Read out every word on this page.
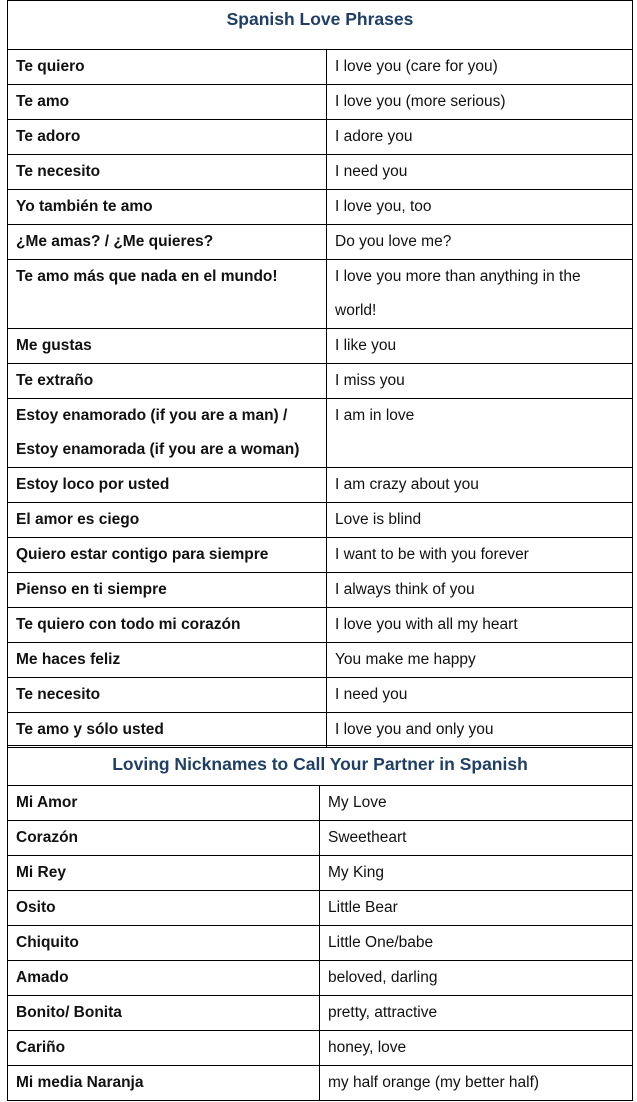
Spanish Love Phrases	
Te quiero	I love you (care for you)
Te amo	I love you (more serious)
Te adoro	I adore you
Te necesito	I need you
Yo también te amo	I love you, too
¿Me amas? / ¿Me quieres?	Do you love me?
Te amo más que nada en el mundo!	I love you more than anything in the
world!

Me gustas	I like you
Te extraño	I miss you

Estoy enamorado (if you are a man) /
Estoy enamorada (if you are a woman)	I am in love
Estoy loco por usted	I am crazy about you
El amor es ciego	Love is blind
Quiero estar contigo para siempre	I want to be with you forever
Pienso en ti siempre	I always think of you
Te quiero con todo mi corazón	I love you with all my heart
Me haces feliz	You make me happy
Te necesito	I need you
Te amo y sólo usted	I love you and only you
Loving Nicknames to Call Your Partner in Spanish	
Mi Amor	My Love
Corazón	Sweetheart
Mi Rey	My King
Osito	Little Bear
Chiquito	Little One/babe
Amado	beloved, darling
Bonito/ Bonita	pretty, attractive
Cariño	honey, love
Mi media Naranja	my half orange (my better half)
